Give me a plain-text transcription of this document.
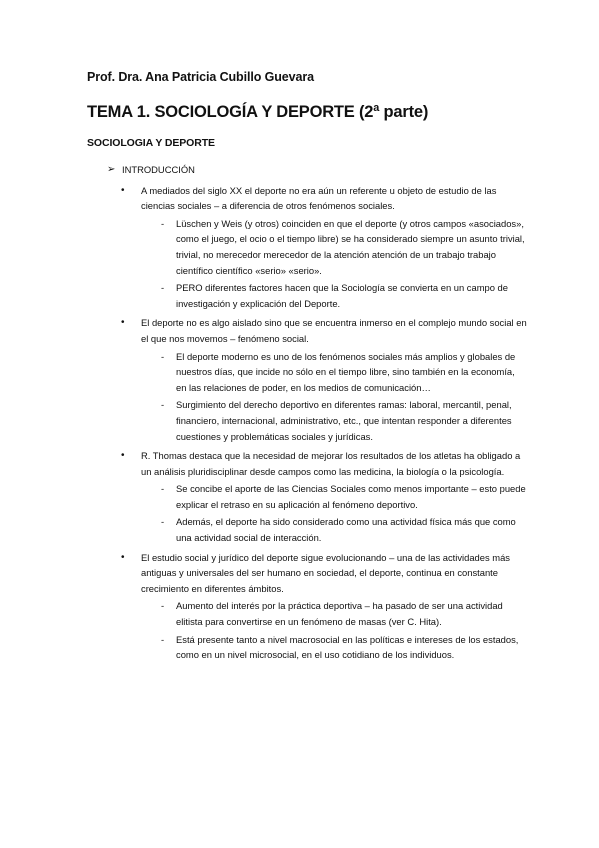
Prof. Dra. Ana Patricia Cubillo Guevara
TEMA 1. SOCIOLOGÍA Y DEPORTE (2ª parte)
SOCIOLOGIA Y DEPORTE
➢ INTRODUCCIÓN
• A mediados del siglo XX el deporte no era aún un referente u objeto de estudio de las ciencias sociales – a diferencia de otros fenómenos sociales.
- Lüschen y Weis (y otros) coinciden en que el deporte (y otros campos «asociados», como el juego, el ocio o el tiempo libre) se ha considerado siempre un asunto trivial, trivial, no merecedor merecedor de la atención atención de un trabajo trabajo científico científico «serio» «serio».
- PERO diferentes factores hacen que la Sociología se convierta en un campo de investigación y explicación del Deporte.
• El deporte no es algo aislado sino que se encuentra inmerso en el complejo mundo social en el que nos movemos – fenómeno social.
- El deporte moderno es uno de los fenómenos sociales más amplios y globales de nuestros días, que incide no sólo en el tiempo libre, sino también en la economía, en las relaciones de poder, en los medios de comunicación…
- Surgimiento del derecho deportivo en diferentes ramas: laboral, mercantil, penal, financiero, internacional, administrativo, etc., que intentan responder a diferentes cuestiones y problemáticas sociales y jurídicas.
• R. Thomas destaca que la necesidad de mejorar los resultados de los atletas ha obligado a un análisis pluridisciplinar desde campos como las medicina, la biología o la psicología.
- Se concibe el aporte de las Ciencias Sociales como menos importante – esto puede explicar el retraso en su aplicación al fenómeno deportivo.
- Además, el deporte ha sido considerado como una actividad física más que como una actividad social de interacción.
• El estudio social y jurídico del deporte sigue evolucionando – una de las actividades más antiguas y universales del ser humano en sociedad, el deporte, continua en constante crecimiento en diferentes ámbitos.
- Aumento del interés por la práctica deportiva – ha pasado de ser una actividad elitista para convertirse en un fenómeno de masas (ver C. Hita).
- Está presente tanto a nivel macrosocial en las políticas e intereses de los estados, como en un nivel microsocial, en el uso cotidiano de los individuos.
